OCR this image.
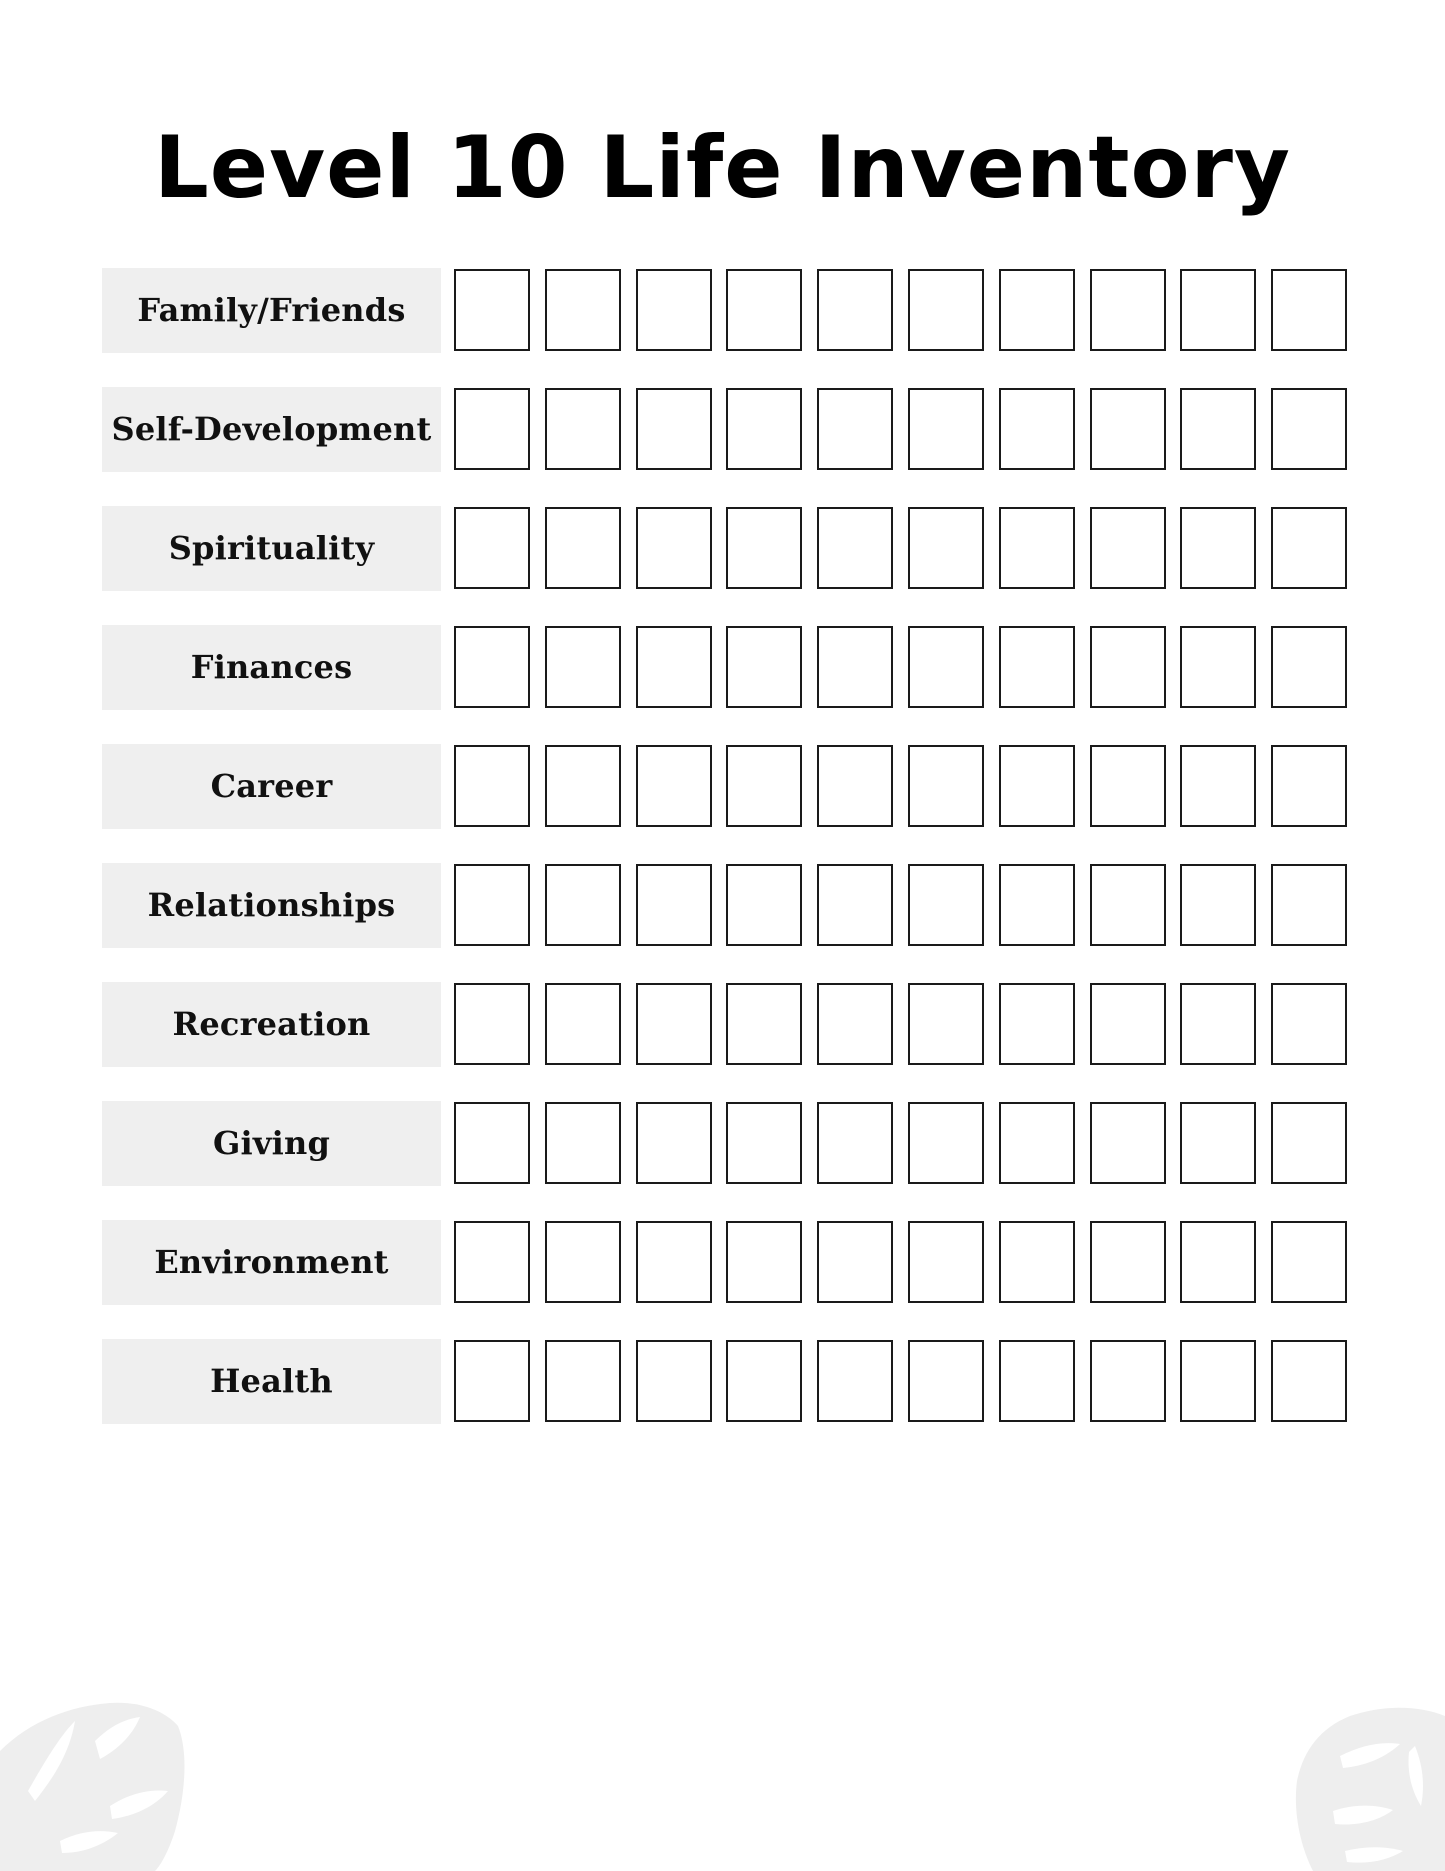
Level 10 Life Inventory
Family/Friends
Self-Development
Spirituality
Finances
Career
Relationships
Recreation
Giving
Environment
Health
